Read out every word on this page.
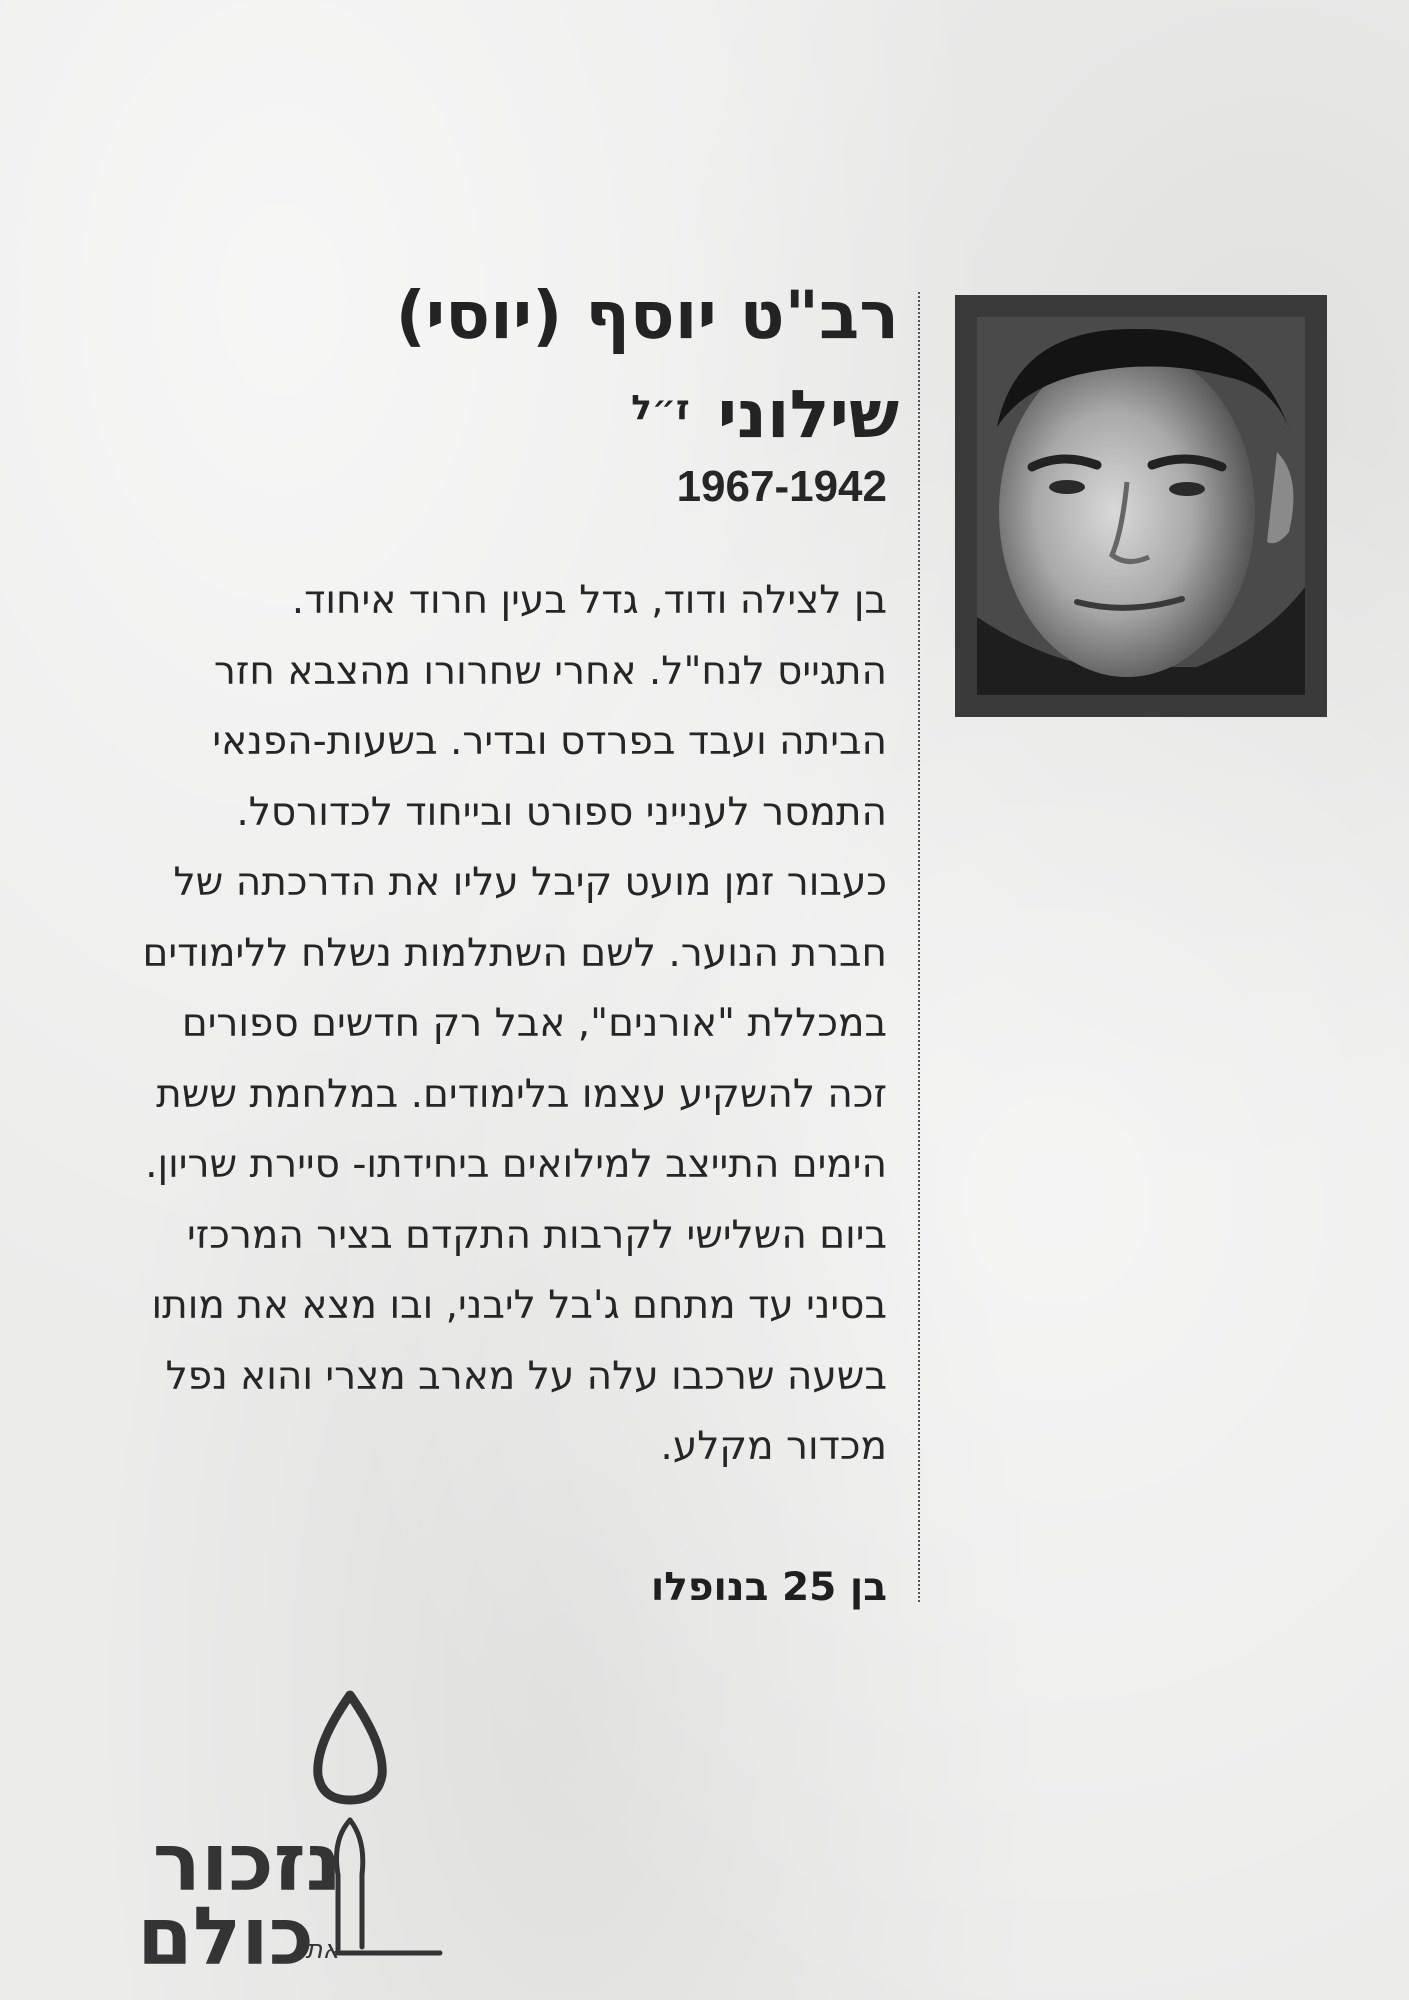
רב"ט יוסף (יוסי)
שילוני$^{ז״ל}$
1967-1942
בן לצילה ודוד, גדל בעין חרוד איחוד.
התגייס לנח"ל. אחרי שחרורו מהצבא חזר
הביתה ועבד בפרדס ובדיר. בשעות-הפנאי
התמסר לענייני ספורט ובייחוד לכדורסל.
כעבור זמן מועט קיבל עליו את הדרכתה של
חברת הנוער. לשם השתלמות נשלח ללימודים
במכללת "אורנים", אבל רק חדשים ספורים
זכה להשקיע עצמו בלימודים. במלחמת ששת
הימים התייצב למילואים ביחידתו- סיירת שריון.
ביום השלישי לקרבות התקדם בציר המרכזי
בסיני עד מתחם ג'בל ליבני, ובו מצא את מותו
בשעה שרכבו עלה על מארב מצרי והוא נפל
מכדור מקלע.
בן 25 בנופלו
נזכור
את
כולם
